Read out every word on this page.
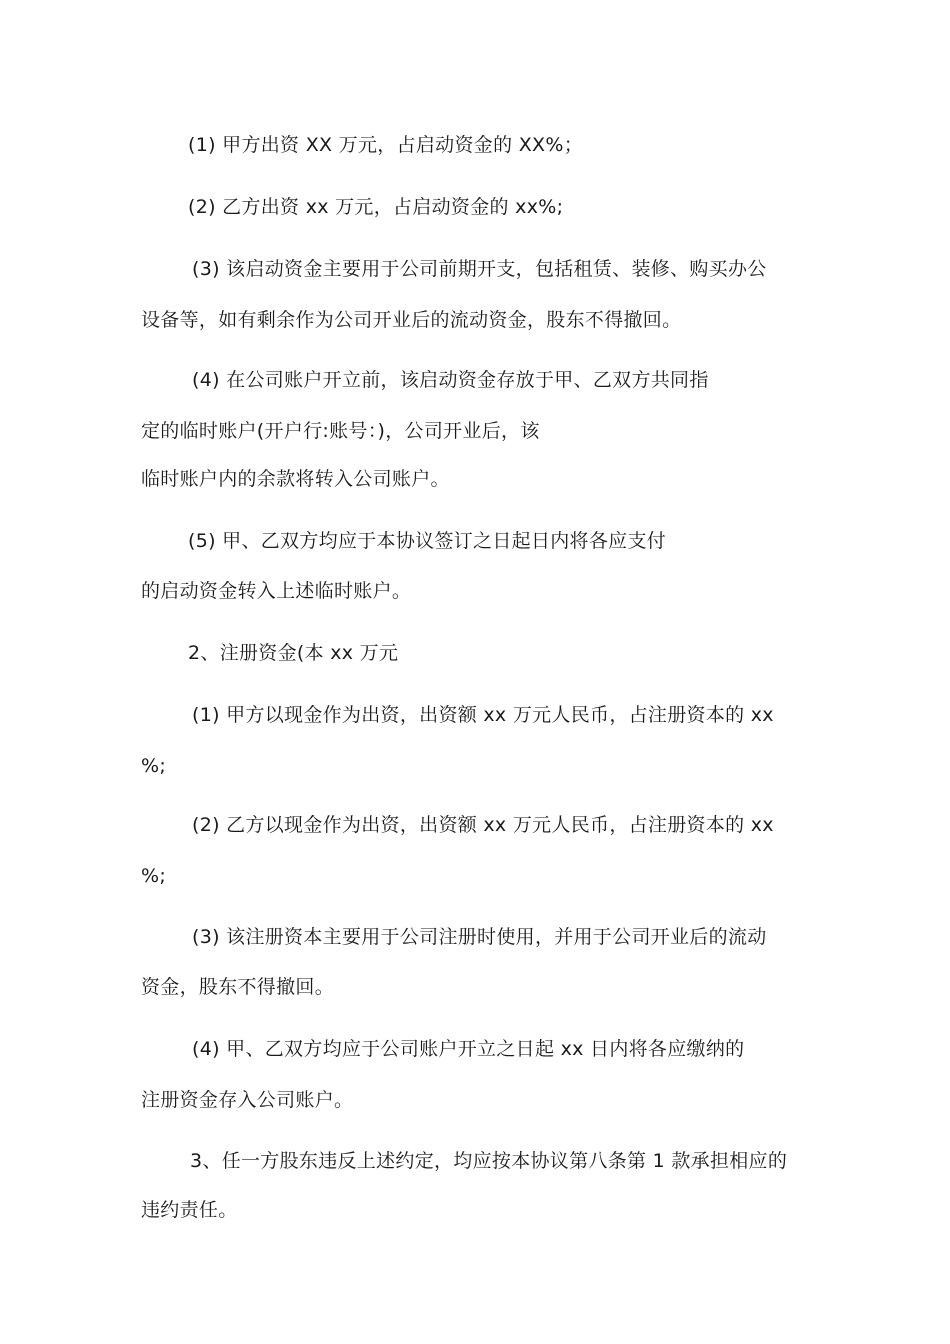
(1) 甲方出资 XX 万元，占启动资金的 XX%；
(2) 乙方出资 xx 万元，占启动资金的 xx%;
(3) 该启动资金主要用于公司前期开支，包括租赁、装修、购买办公
设备等，如有剩余作为公司开业后的流动资金，股东不得撤回。
(4) 在公司账户开立前，该启动资金存放于甲、乙双方共同指
定的临时账户(开户行:账号：)，公司开业后，该
临时账户内的余款将转入公司账户。
(5) 甲、乙双方均应于本协议签订之日起日内将各应支付
的启动资金转入上述临时账户。
2、注册资金(本 xx 万元
(1) 甲方以现金作为出资，出资额 xx 万元人民币，占注册资本的 xx
%;
(2) 乙方以现金作为出资，出资额 xx 万元人民币，占注册资本的 xx
%;
(3) 该注册资本主要用于公司注册时使用，并用于公司开业后的流动
资金，股东不得撤回。
(4) 甲、乙双方均应于公司账户开立之日起 xx 日内将各应缴纳的
注册资金存入公司账户。
3、任一方股东违反上述约定，均应按本协议第八条第 1 款承担相应的
违约责任。
